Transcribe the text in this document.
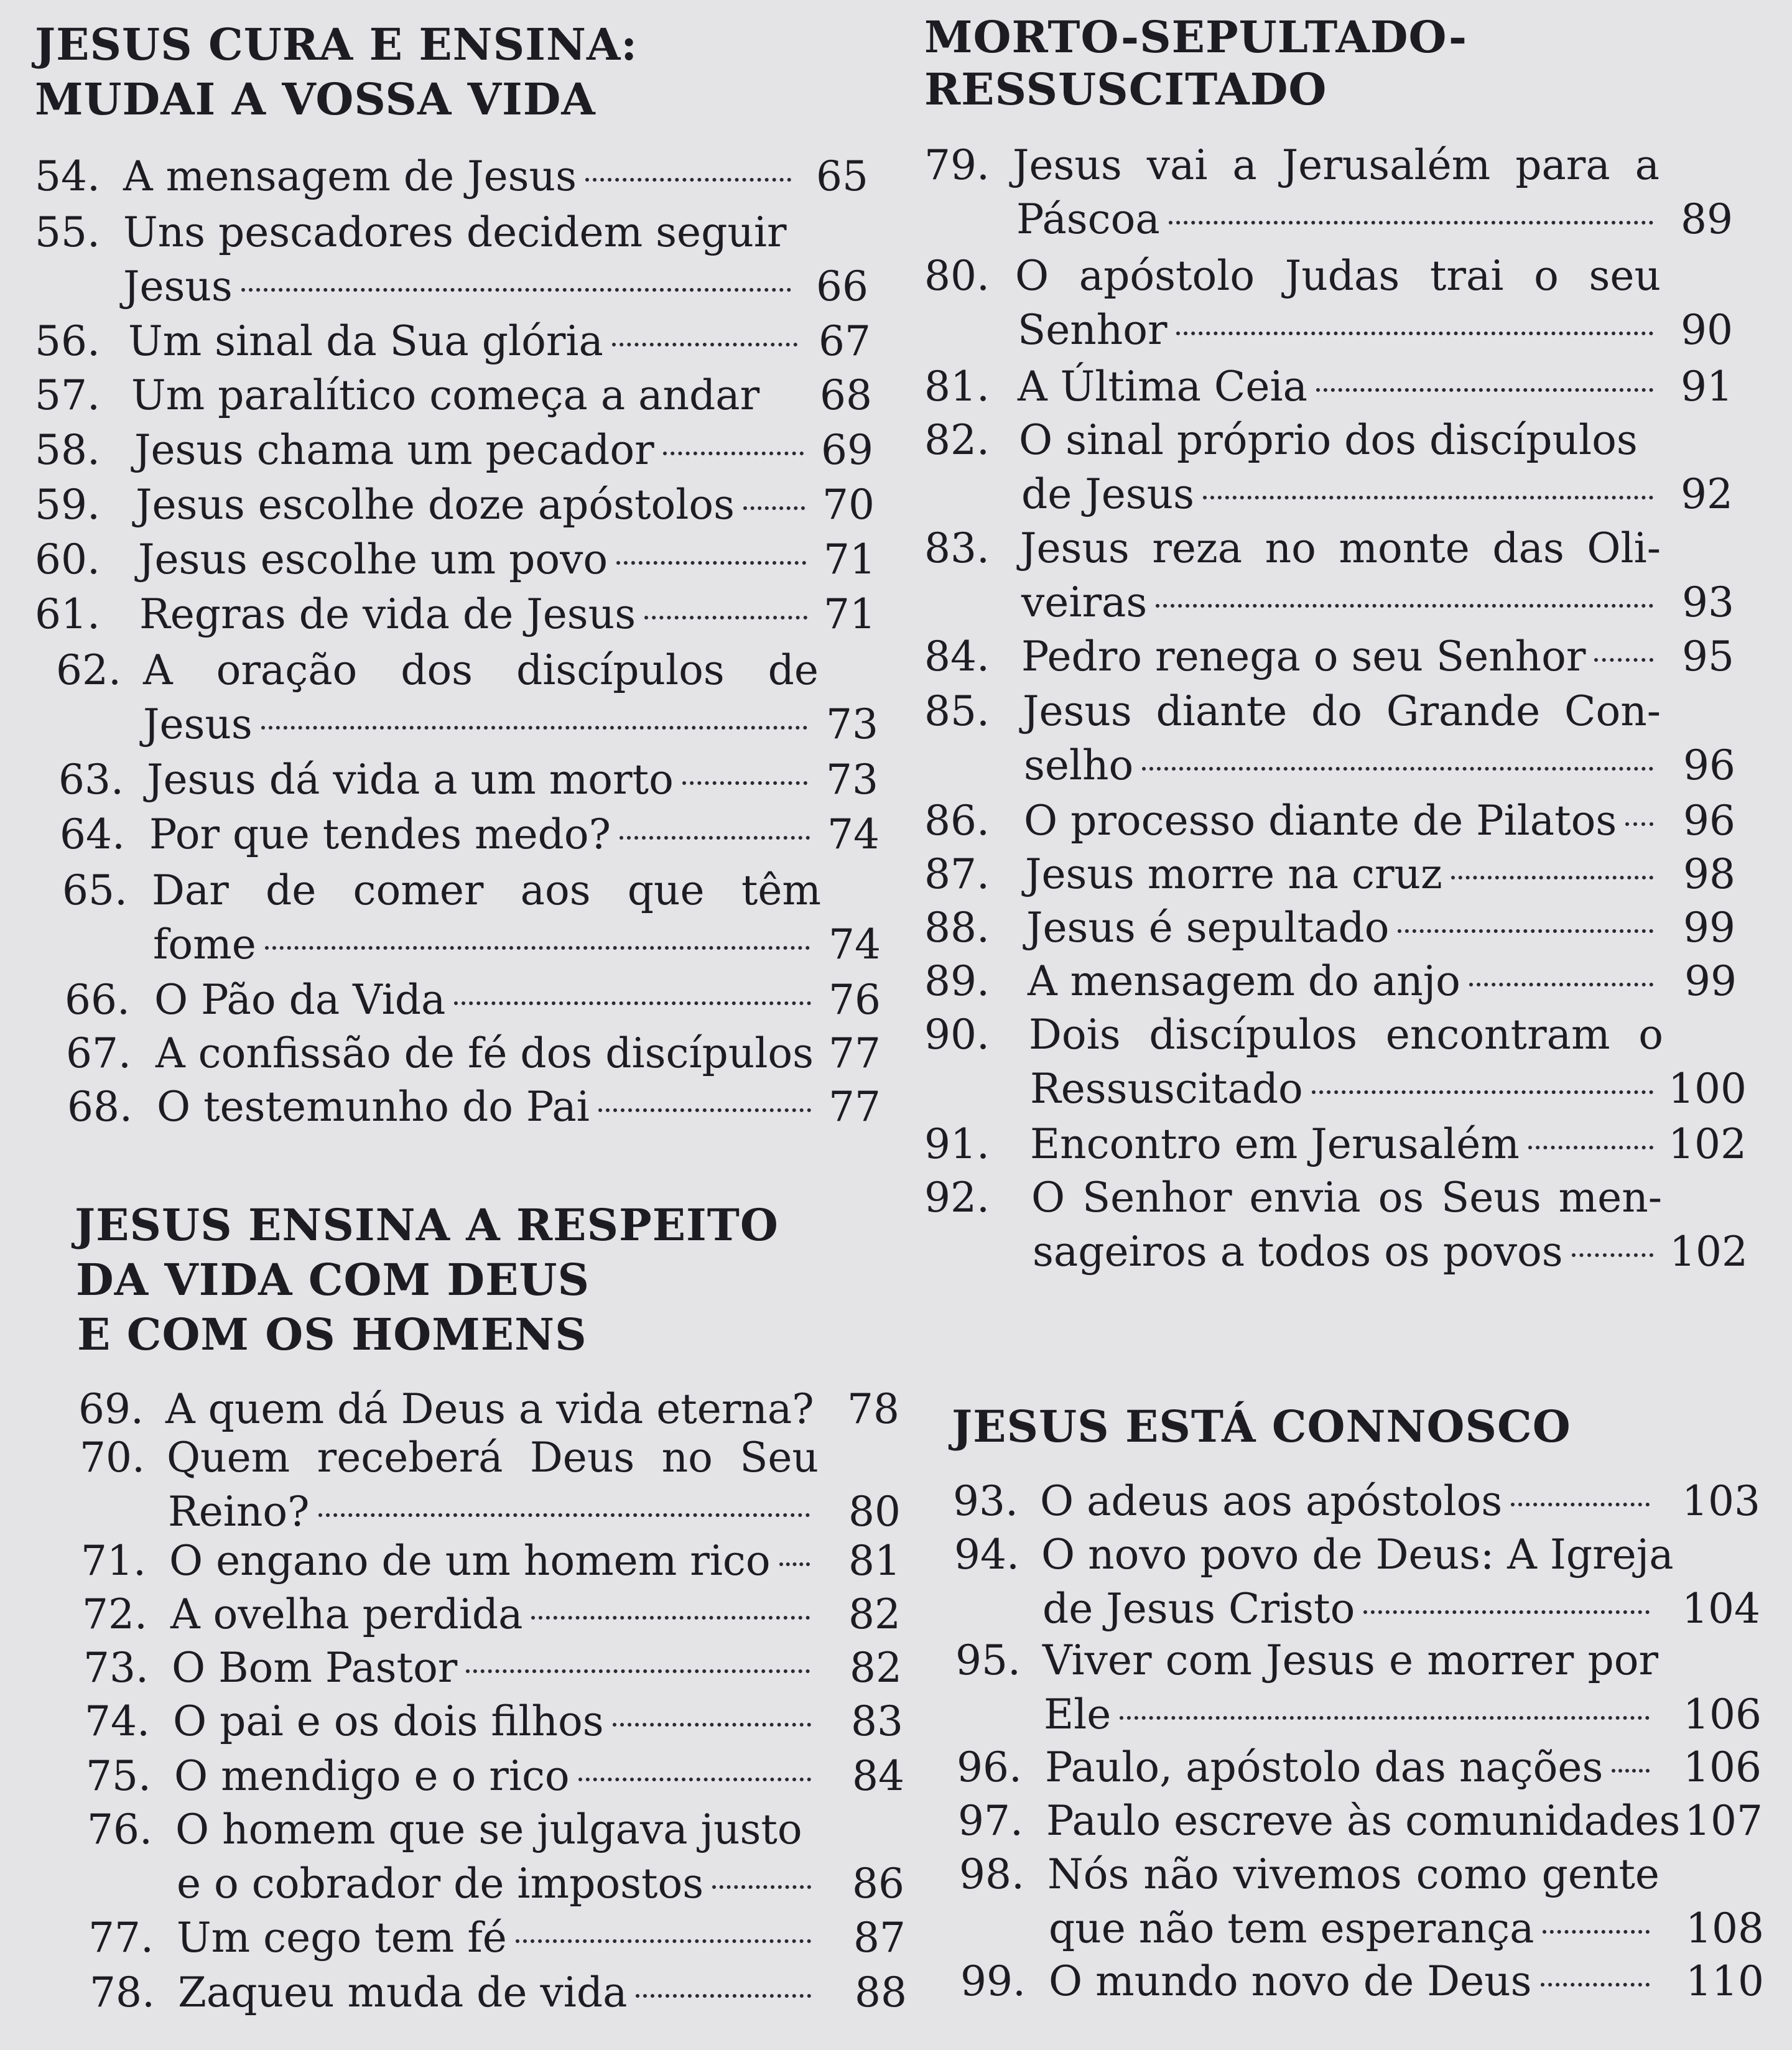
JESUS CURA E ENSINA:
MUDAI A VOSSA VIDA
54. A mensagem de Jesus	65
55. Uns pescadores decidem seguir
Jesus	66
56. Um sinal da Sua glória	67
57. Um paralítico começa a andar 68
58. Jesus chama um pecador	69
59. Jesus escolhe doze apóstolos 70
60. Jesus escolhe um povo	71
61. Regras de vida de Jesus	71
62. A oração dos discípulos de
Jesus	73
63. Jesus dá vida a um morto	73
64. Por que tendes medo?	74
65. Dar de comer aos que têm
fome	74
66. O Pão da Vida	76
67. A confissão de fé dos discípulos 77
68. O testemunho do Pai	77
JESUS ENSINA A RESPEITO
DA VIDA COM DEUS
E COM OS HOMENS
69. A quem dá Deus a vida eterna? 78
70. Quem receberá Deus no Seu
Reino?	80
71. O engano de um homem rico 81
72. A ovelha perdida	82
73. O Bom Pastor	82
74. O pai e os dois filhos	83
75. O mendigo e o rico	84
76. O homem que se julgava justo
e o cobrador de impostos	86
77. Um cego tem fé	87
78. Zaqueu muda de vida	88
MORTO-SEPULTADO-
RESSUSCITADO
79. Jesus vai a Jerusalém para a
Páscoa	89
80. O apóstolo Judas trai o seu
Senhor	90
81. A Última Ceia	91
82. O sinal próprio dos discípulos
de Jesus	92
83. Jesus reza no monte das Oli-
veiras	93
84. Pedro renega o seu Senhor 95
85. Jesus diante do Grande Con-
selho	96
86. O processo diante de Pilatos 96
87. Jesus morre na cruz	98
88. Jesus é sepultado	99
89. A mensagem do anjo	99
90. Dois discípulos encontram o
Ressuscitado	100
91. Encontro em Jerusalém	102
92. O Senhor envia os Seus men-
sageiros a todos os povos	102
JESUS ESTÁ CONNOSCO
93. O adeus aos apóstolos	103
94. O novo povo de Deus: A Igreja
de Jesus Cristo	104
95. Viver com Jesus e morrer por
Ele	106
96. Paulo, apóstolo das nações 106
97. Paulo escreve às comunidades 107
98. Nós não vivemos como gente
que não tem esperança	108
99. O mundo novo de Deus	110
